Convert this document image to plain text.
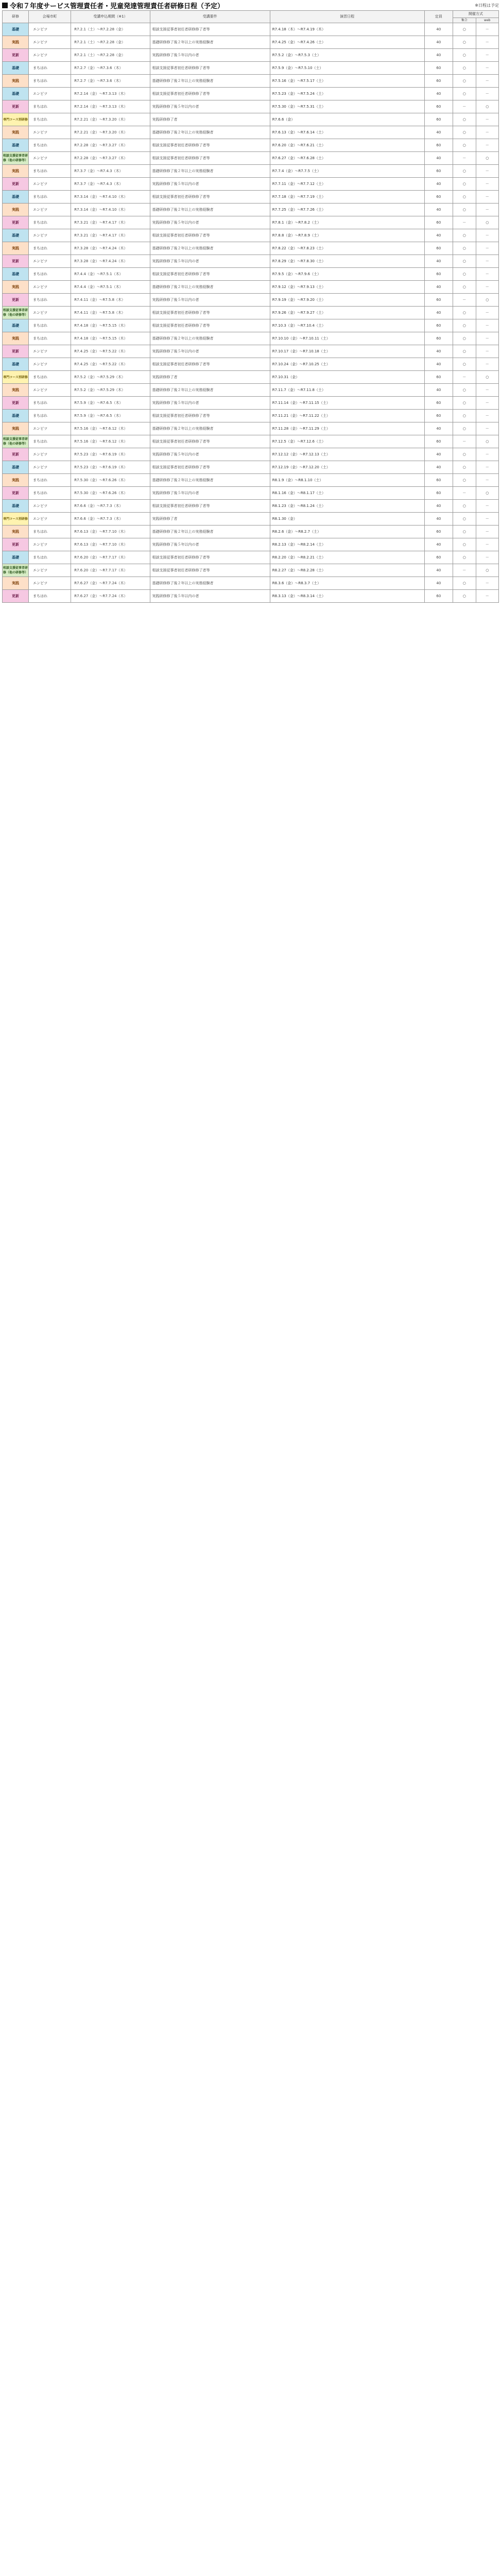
令和７年度サービス管理責任者・児童発達管理責任者研修日程（予定）	※日程は予定
研修	会場市町	受講申込期間（※1）	受講要件	演習日程	定員	開催方式	
						集合	web
基礎	エンピツ	R7.2.1（土）～R7.2.28（金）	相談支援従事者初任者研修修了者等	R7.4.18（木）～R7.4.19（木）	40	○	－
実践	エンピツ	R7.2.1（土）～R7.2.28（金）	基礎研修修了後２年以上の実務経験者	R7.4.25（金）～R7.4.26（土）	40	○	－
更新	エンピツ	R7.2.1（土）～R7.2.28（金）	実践研修修了後５年以内の者	R7.5.2（金）～R7.5.3（土）	40	○	－
基礎	まちはれ	R7.2.7（金）～R7.3.6（木）	相談支援従事者初任者研修修了者等	R7.5.9（金）～R7.5.10（土）	60	○	－
実践	まちはれ	R7.2.7（金）～R7.3.6（木）	基礎研修修了後２年以上の実務経験者	R7.5.16（金）～R7.5.17（土）	60	○	－
基礎	エンピツ	R7.2.14（金）～R7.3.13（木）	相談支援従事者初任者研修修了者等	R7.5.23（金）～R7.5.24（土）	40	○	－
更新	まちはれ	R7.2.14（金）～R7.3.13（木）	実践研修修了後５年以内の者	R7.5.30（金）～R7.5.31（土）	60	－	○
専門コース別研修	まちはれ	R7.2.21（金）～R7.3.20（木）	実践研修修了者	R7.6.6（金）	60	○	－
実践	エンピツ	R7.2.21（金）～R7.3.20（木）	基礎研修修了後２年以上の実務経験者	R7.6.13（金）～R7.6.14（土）	40	○	－
基礎	まちはれ	R7.2.28（金）～R7.3.27（木）	相談支援従事者初任者研修修了者等	R7.6.20（金）～R7.6.21（土）	60	○	－
相談支援従事者研修（他の研修等）	エンピツ	R7.2.28（金）～R7.3.27（木）	相談支援従事者初任者研修修了者等	R7.6.27（金）～R7.6.28（土）	40	－	○
実践	まちはれ	R7.3.7（金）～R7.4.3（木）	基礎研修修了後２年以上の実務経験者	R7.7.4（金）～R7.7.5（土）	60	○	－
更新	エンピツ	R7.3.7（金）～R7.4.3（木）	実践研修修了後５年以内の者	R7.7.11（金）～R7.7.12（土）	40	○	－
基礎	まちはれ	R7.3.14（金）～R7.4.10（木）	相談支援従事者初任者研修修了者等	R7.7.18（金）～R7.7.19（土）	60	○	－
実践	エンピツ	R7.3.14（金）～R7.4.10（木）	基礎研修修了後２年以上の実務経験者	R7.7.25（金）～R7.7.26（土）	40	○	－
更新	まちはれ	R7.3.21（金）～R7.4.17（木）	実践研修修了後５年以内の者	R7.8.1（金）～R7.8.2（土）	60	－	○
基礎	エンピツ	R7.3.21（金）～R7.4.17（木）	相談支援従事者初任者研修修了者等	R7.8.8（金）～R7.8.9（土）	40	○	－
実践	まちはれ	R7.3.28（金）～R7.4.24（木）	基礎研修修了後２年以上の実務経験者	R7.8.22（金）～R7.8.23（土）	60	○	－
更新	エンピツ	R7.3.28（金）～R7.4.24（木）	実践研修修了後５年以内の者	R7.8.29（金）～R7.8.30（土）	40	○	－
基礎	まちはれ	R7.4.4（金）～R7.5.1（木）	相談支援従事者初任者研修修了者等	R7.9.5（金）～R7.9.6（土）	60	○	－
実践	エンピツ	R7.4.4（金）～R7.5.1（木）	基礎研修修了後２年以上の実務経験者	R7.9.12（金）～R7.9.13（土）	40	○	－
更新	まちはれ	R7.4.11（金）～R7.5.8（木）	実践研修修了後５年以内の者	R7.9.19（金）～R7.9.20（土）	60	－	○
相談支援従事者研修（他の研修等）	エンピツ	R7.4.11（金）～R7.5.8（木）	相談支援従事者初任者研修修了者等	R7.9.26（金）～R7.9.27（土）	40	○	－
基礎	まちはれ	R7.4.18（金）～R7.5.15（木）	相談支援従事者初任者研修修了者等	R7.10.3（金）～R7.10.4（土）	60	○	－
実践	まちはれ	R7.4.18（金）～R7.5.15（木）	基礎研修修了後２年以上の実務経験者	R7.10.10（金）～R7.10.11（土）	60	○	－
更新	エンピツ	R7.4.25（金）～R7.5.22（木）	実践研修修了後５年以内の者	R7.10.17（金）～R7.10.18（土）	40	○	－
基礎	エンピツ	R7.4.25（金）～R7.5.22（木）	相談支援従事者初任者研修修了者等	R7.10.24（金）～R7.10.25（土）	40	○	－
専門コース別研修	まちはれ	R7.5.2（金）～R7.5.29（木）	実践研修修了者	R7.10.31（金）	60	－	○
実践	エンピツ	R7.5.2（金）～R7.5.29（木）	基礎研修修了後２年以上の実務経験者	R7.11.7（金）～R7.11.8（土）	40	○	－
更新	まちはれ	R7.5.9（金）～R7.6.5（木）	実践研修修了後５年以内の者	R7.11.14（金）～R7.11.15（土）	60	○	－
基礎	まちはれ	R7.5.9（金）～R7.6.5（木）	相談支援従事者初任者研修修了者等	R7.11.21（金）～R7.11.22（土）	60	○	－
実践	エンピツ	R7.5.16（金）～R7.6.12（木）	基礎研修修了後２年以上の実務経験者	R7.11.28（金）～R7.11.29（土）	40	○	－
相談支援従事者研修（他の研修等）	まちはれ	R7.5.16（金）～R7.6.12（木）	相談支援従事者初任者研修修了者等	R7.12.5（金）～R7.12.6（土）	60	－	○
更新	エンピツ	R7.5.23（金）～R7.6.19（木）	実践研修修了後５年以内の者	R7.12.12（金）～R7.12.13（土）	40	○	－
基礎	エンピツ	R7.5.23（金）～R7.6.19（木）	相談支援従事者初任者研修修了者等	R7.12.19（金）～R7.12.20（土）	40	○	－
実践	まちはれ	R7.5.30（金）～R7.6.26（木）	基礎研修修了後２年以上の実務経験者	R8.1.9（金）～R8.1.10（土）	60	○	－
更新	まちはれ	R7.5.30（金）～R7.6.26（木）	実践研修修了後５年以内の者	R8.1.16（金）～R8.1.17（土）	60	－	○
基礎	エンピツ	R7.6.6（金）～R7.7.3（木）	相談支援従事者初任者研修修了者等	R8.1.23（金）～R8.1.24（土）	40	○	－
専門コース別研修	エンピツ	R7.6.6（金）～R7.7.3（木）	実践研修修了者	R8.1.30（金）	40	○	－
実践	まちはれ	R7.6.13（金）～R7.7.10（木）	基礎研修修了後２年以上の実務経験者	R8.2.6（金）～R8.2.7（土）	60	○	－
更新	エンピツ	R7.6.13（金）～R7.7.10（木）	実践研修修了後５年以内の者	R8.2.13（金）～R8.2.14（土）	40	○	－
基礎	まちはれ	R7.6.20（金）～R7.7.17（木）	相談支援従事者初任者研修修了者等	R8.2.20（金）～R8.2.21（土）	60	○	－
相談支援従事者研修（他の研修等）	エンピツ	R7.6.20（金）～R7.7.17（木）	相談支援従事者初任者研修修了者等	R8.2.27（金）～R8.2.28（土）	40	－	○
実践	エンピツ	R7.6.27（金）～R7.7.24（木）	基礎研修修了後２年以上の実務経験者	R8.3.6（金）～R8.3.7（土）	40	○	－
更新	まちはれ	R7.6.27（金）～R7.7.24（木）	実践研修修了後５年以内の者	R8.3.13（金）～R8.3.14（土）	60	○	－
